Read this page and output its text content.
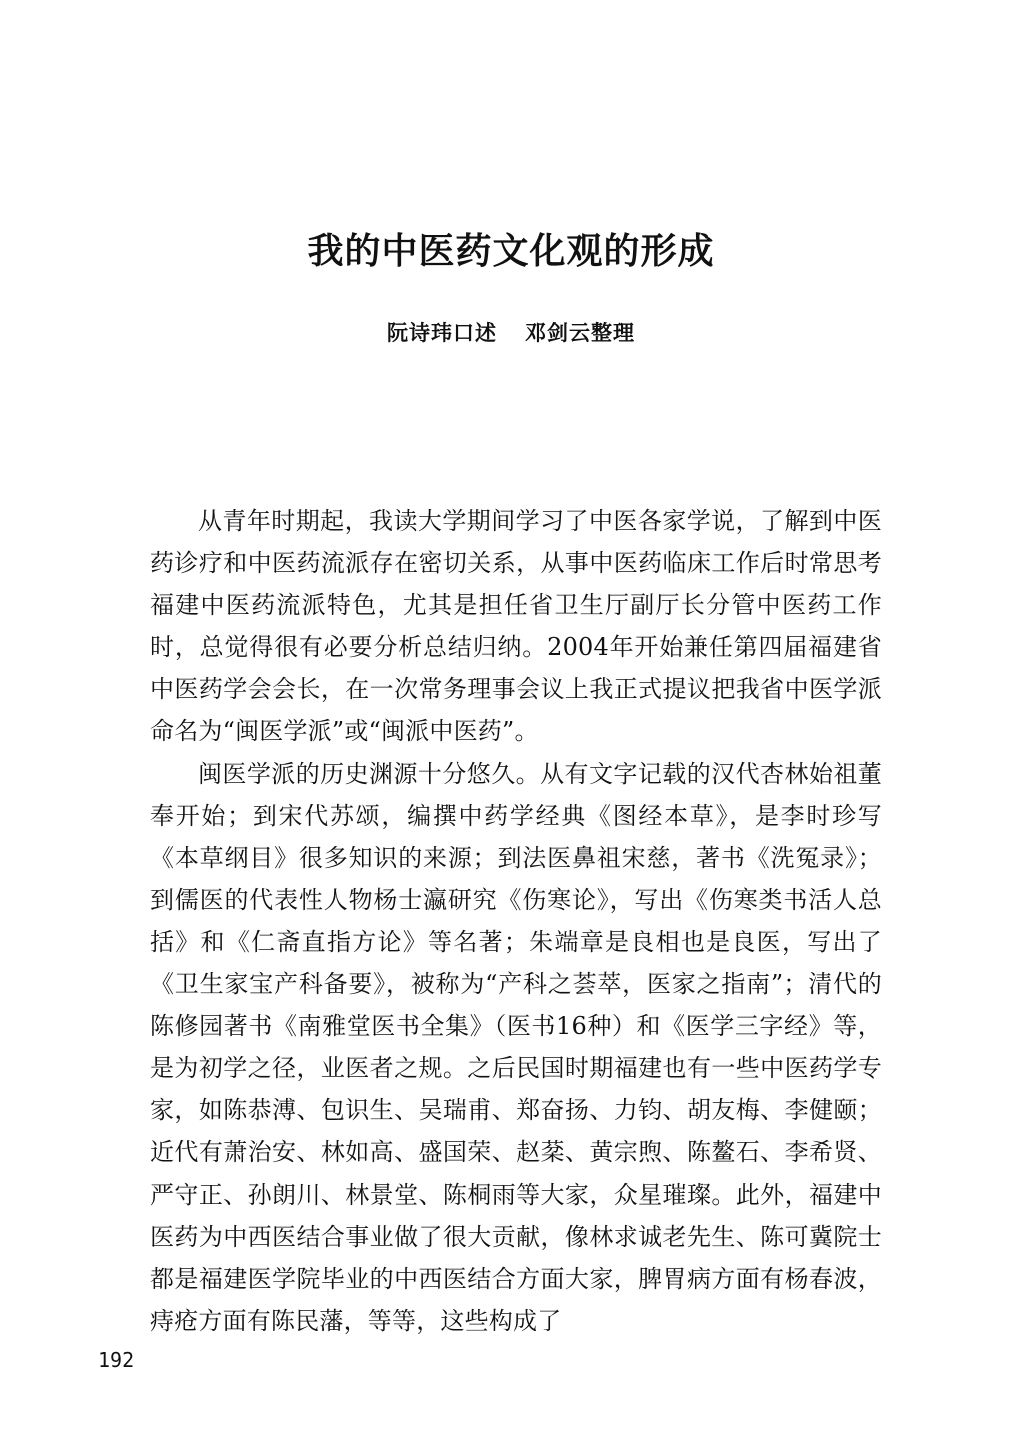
我的中医药文化观的形成
阮诗玮口述 邓剑云整理

从青年时期起，我读大学期间学习了中医各家学说，了解到中医药诊疗和中医药流派存在密切关系，从事中医药临床工作后时常思考福建中医药流派特色，尤其是担任省卫生厅副厅长分管中医药工作时，总觉得很有必要分析总结归纳。2004年开始兼任第四届福建省中医药学会会长，在一次常务理事会议上我正式提议把我省中医学派命名为“闽医学派”或“闽派中医药”。

闽医学派的历史渊源十分悠久。从有文字记载的汉代杏林始祖董奉开始；到宋代苏颂，编撰中药学经典《图经本草》，是李时珍写《本草纲目》很多知识的来源；到法医鼻祖宋慈，著书《洗冤录》；到儒医的代表性人物杨士瀛研究《伤寒论》，写出《伤寒类书活人总括》和《仁斋直指方论》等名著；朱端章是良相也是良医，写出了《卫生家宝产科备要》，被称为“产科之荟萃，医家之指南”；清代的陈修园著书《南雅堂医书全集》（医书16种）和《医学三字经》等，是为初学之径，业医者之规。之后民国时期福建也有一些中医药学专家，如陈恭溥、包识生、吴瑞甫、郑奋扬、力钧、胡友梅、李健颐；近代有萧治安、林如高、盛国荣、赵棻、黄宗煦、陈鳌石、李希贤、严守正、孙朗川、林景堂、陈桐雨等大家，众星璀璨。此外，福建中医药为中西医结合事业做了很大贡献，像林求诚老先生、陈可冀院士都是福建医学院毕业的中西医结合方面大家，脾胃病方面有杨春波，痔疮方面有陈民藩，等等，这些构成了

192
